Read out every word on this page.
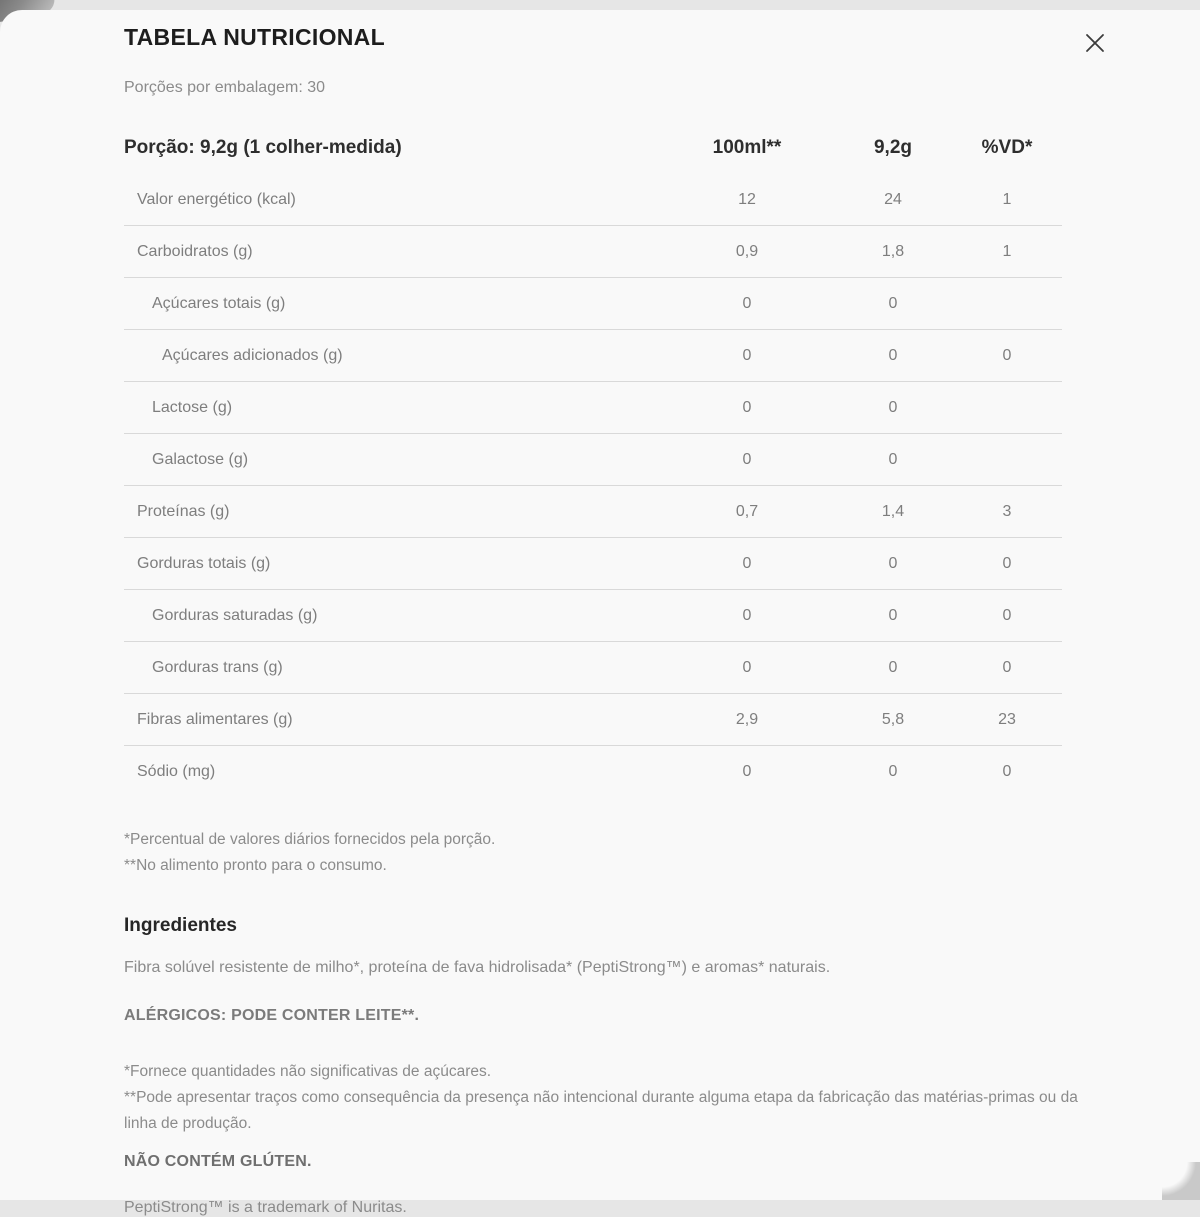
TABELA NUTRICIONAL
Porções por embalagem: 30
Porção: 9,2g (1 colher-medida)	100ml**	9,2g	%VD*
Valor energético (kcal)	12	24	1
Carboidratos (g)	0,9	1,8	1
Açúcares totais (g)	0	0
Açúcares adicionados (g)	0	0	0
Lactose (g)	0	0
Galactose (g)	0	0
Proteínas (g)	0,7	1,4	3
Gorduras totais (g)	0	0	0
Gorduras saturadas (g)	0	0	0
Gorduras trans (g)	0	0	0
Fibras alimentares (g)	2,9	5,8	23
Sódio (mg)	0	0	0
*Percentual de valores diários fornecidos pela porção.
**No alimento pronto para o consumo.
Ingredientes
Fibra solúvel resistente de milho*, proteína de fava hidrolisada* (PeptiStrong™) e aromas* naturais.
ALÉRGICOS: PODE CONTER LEITE**.
*Fornece quantidades não significativas de açúcares.
**Pode apresentar traços como consequência da presença não intencional durante alguma etapa da fabricação das matérias-primas ou da linha de produção.
NÃO CONTÉM GLÚTEN.
PeptiStrong™ is a trademark of Nuritas.
